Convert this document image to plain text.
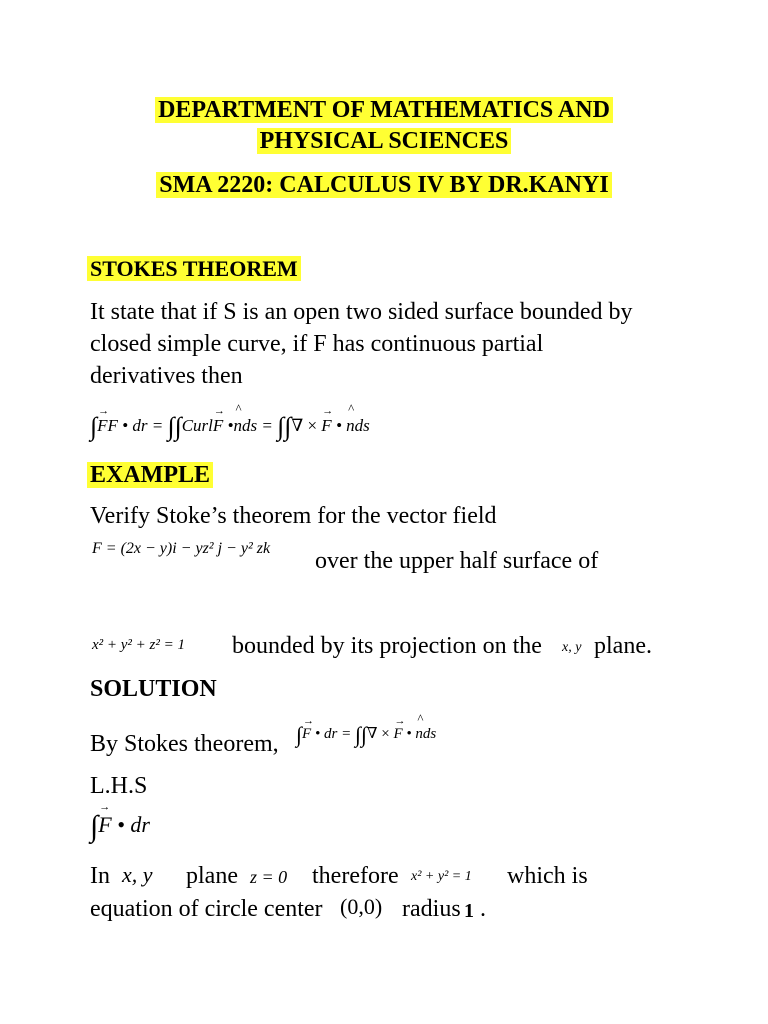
DEPARTMENT OF MATHEMATICS AND
PHYSICAL SCIENCES
SMA 2220: CALCULUS IV BY DR.KANYI
STOKES THEOREM
It state that if S is an open two sided surface bounded by
closed simple curve, if F has continuous partial
derivatives then
∫→ FF • dr = ∫∫Curl→ F •^ nds = ∫∫∇ × → F • ^ nds
EXAMPLE
Verify Stoke’s theorem for the vector field
F = (2x − y)i − yz² j − y² zk over the upper half surface of
x² + y² + z² = 1 bounded by its projection on the x, y plane.
SOLUTION
By Stokes theorem, ∫→ F • dr = ∫∫∇ × → F • ^ nds
L.H.S
∫→ F • dr
In x, y plane z = 0 therefore x² + y² = 1 which is
equation of circle center (0,0) radius 1 .
